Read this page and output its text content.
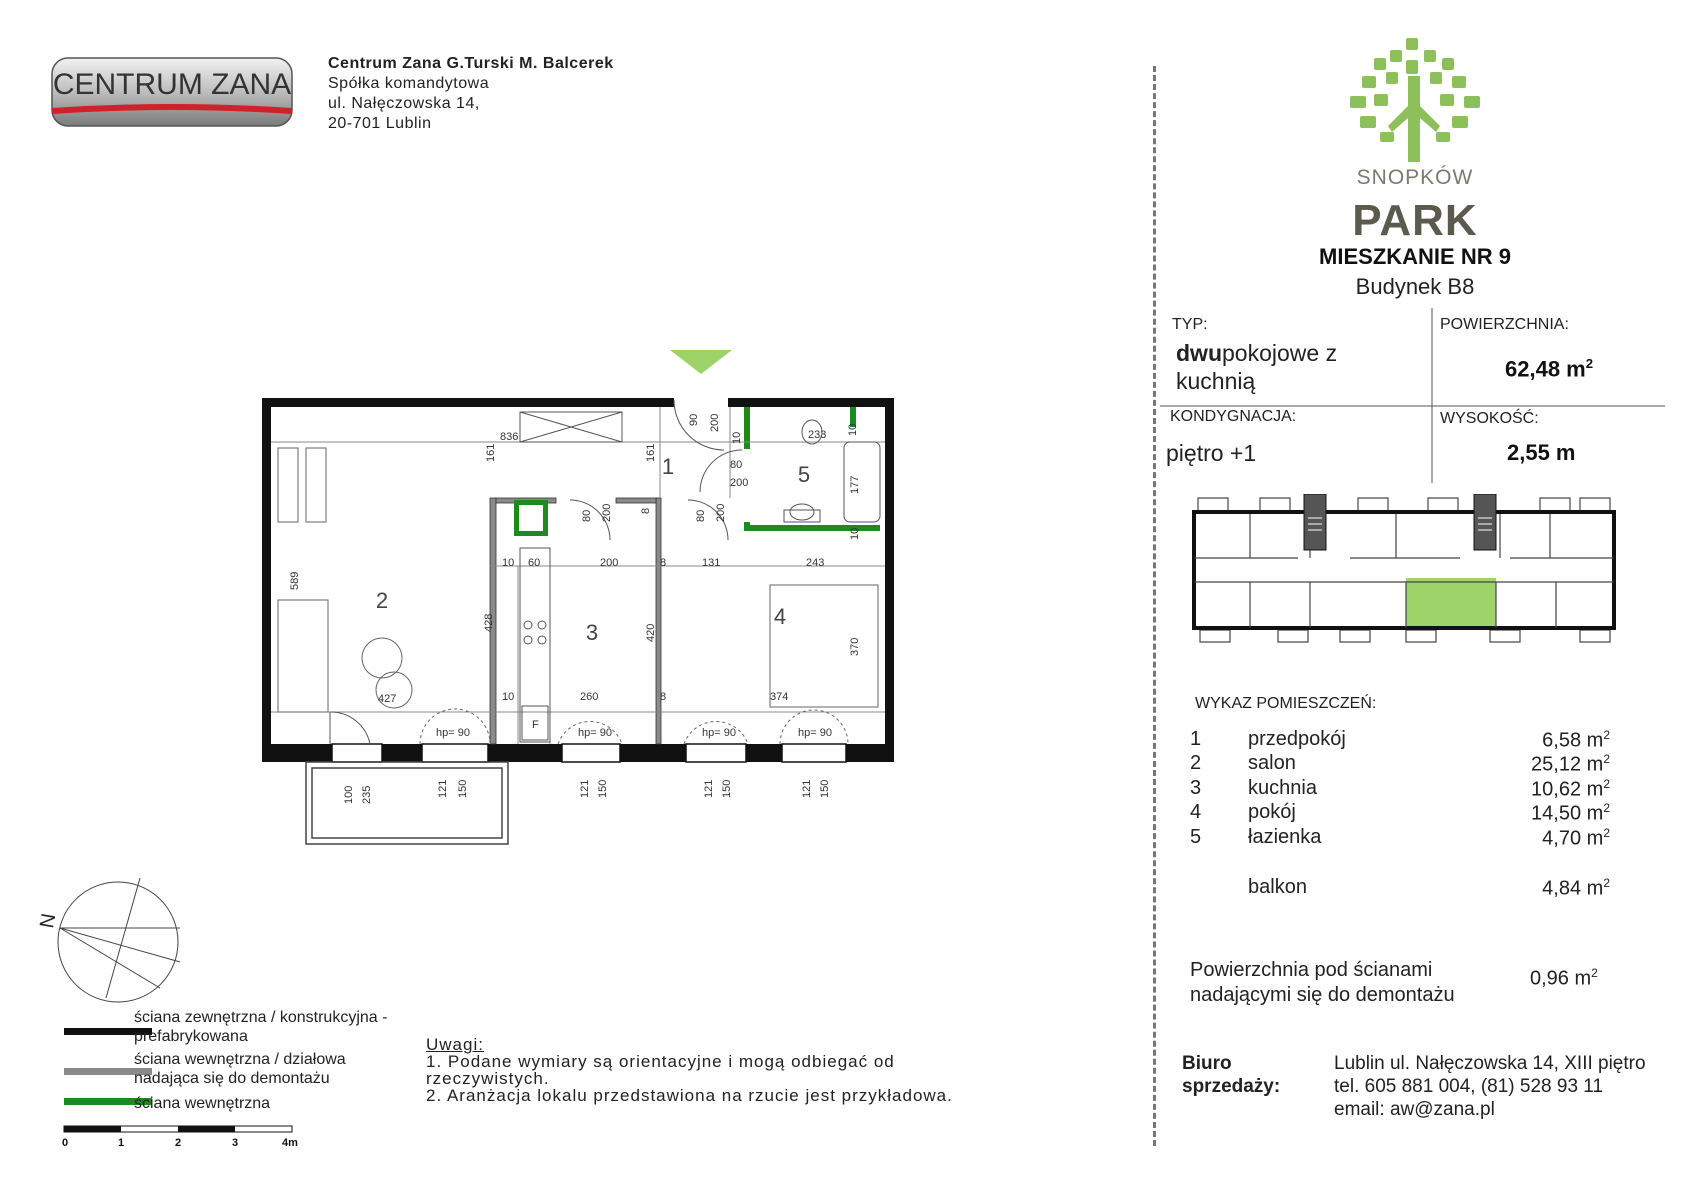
CENTRUM ZANA
Centrum Zana G.Turski M. Balcerek
Spółka komandytowa
ul. Nałęczowska 14,
20-701 Lublin
SNOPKÓW
PARK
MIESZKANIE NR 9
Budynek B8
TYP:
dwupokojowe z
kuchnią
POWIERZCHNIA:
62,48 $m^2$
KONDYGNACJA:
piętro +1
WYSOKOŚĆ:
2,55 m
WYKAZ POMIESZCZEŃ:
1 przedpokój	6,58 $m^2$
2 salon	25,12 $m^2$
3 kuchnia	10,62 $m^2$
4 pokój	14,50 $m^2$
5 łazienka	4,70 $m^2$
balkon	4,84 $m^2$
Powierzchnia pod ścianami
nadającymi się do demontażu
0,96 $m^2$
Biuro sprzedaży:
Lublin ul. Nałęczowska 14, XIII piętro
tel. 605 881 004, (81) 528 93 11
email: aw@zana.pl
1
2
3
4
5
836
161	161
589
427
428
420
370
200	131	243
260	374
60
10
10
8
8
8
90 200
80
200
80 200	80 200
233
177
10
10
10
hp= 90	hp= 90	hp= 90	hp= 90
100 235	121 150	121 150	121 150	121 150
F
N
ściana zewnętrzna / konstrukcyjna -
prefabrykowana
ściana wewnętrzna / działowa
nadająca się do demontażu
ściana wewnętrzna
0	1	2	3	4m
Uwagi:
1. Podane wymiary są orientacyjne i mogą odbiegać od
rzeczywistych.
2. Aranżacja lokalu przedstawiona na rzucie jest przykładowa.
